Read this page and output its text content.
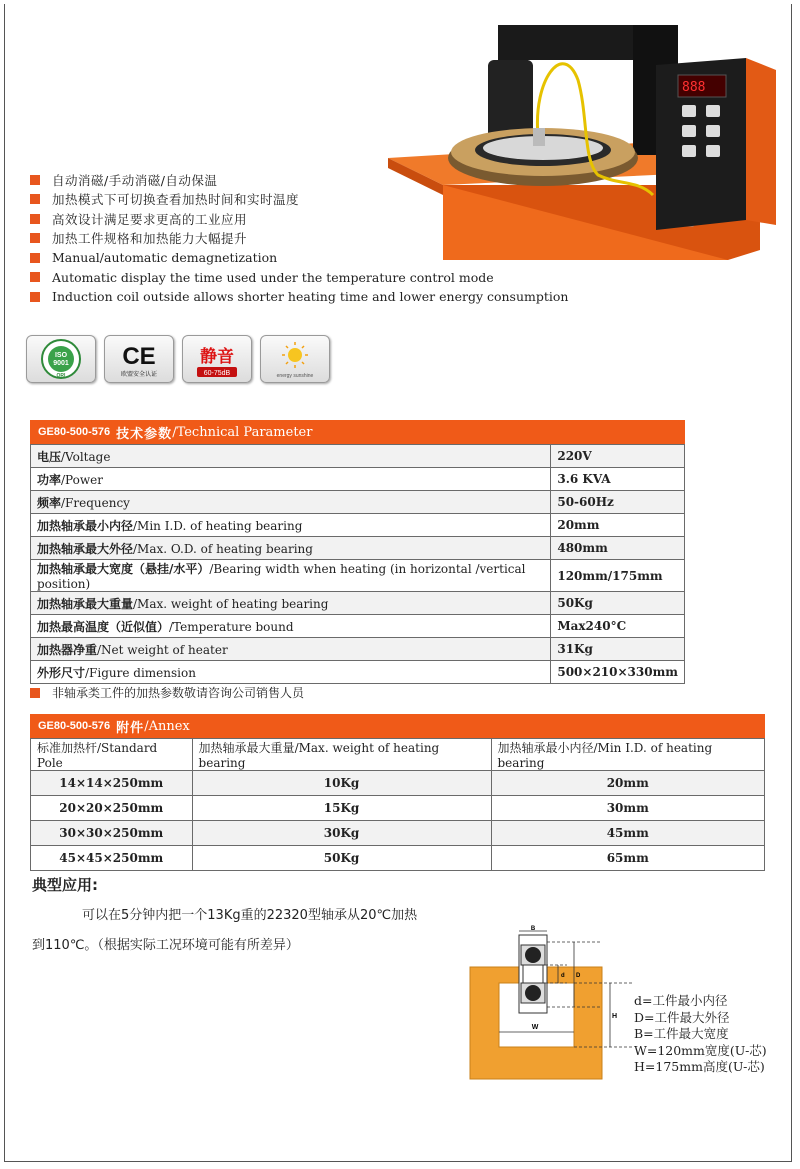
888
自动消磁/手动消磁/自动保温
加热模式下可切换查看加热时间和实时温度
高效设计满足要求更高的工业应用
加热工件规格和加热能力大幅提升
Manual/automatic demagnetization
Automatic display the time used under the temperature control mode
Induction coil outside allows shorter heating time and lower energy consumption
ISO
9001
ORI
CE
欧盟安全认证
静音
60-75dB	energy sunshine
GE80-500-576 技术参数 /Technical Parameter
电压/Voltage	220V
功率/Power	3.6 KVA
频率/Frequency	50-60Hz
加热轴承最小内径/Min I.D. of heating bearing	20mm
加热轴承最大外径/Max. O.D. of heating bearing	480mm
加热轴承最大宽度（悬挂/水平）/Bearing width when heating (in horizontal /vertical position)	120mm/175mm
加热轴承最大重量/Max. weight of heating bearing	50Kg
加热最高温度（近似值）/Temperature bound	Max240°C
加热器净重/Net weight of heater	31Kg
外形尺寸/Figure dimension	500×210×330mm
非轴承类工件的加热参数敬请咨询公司销售人员
GE80-500-576 附件 /Annex
标准加热杆/Standard Pole	加热轴承最大重量/Max. weight of heating bearing	加热轴承最小内径/Min I.D. of heating bearing
14×14×250mm	10Kg	20mm
20×20×250mm	15Kg	30mm
30×30×250mm	30Kg	45mm
45×45×250mm	50Kg	65mm
典型应用:
可以在5分钟内把一个13Kg重的22320型轴承从20℃加热
到110℃。（根据实际工况环境可能有所差异）
B
d D
H
W
d=工件最小内径
D=工件最大外径
B=工件最大宽度
W=120mm宽度(U-芯)
H=175mm高度(U-芯)
